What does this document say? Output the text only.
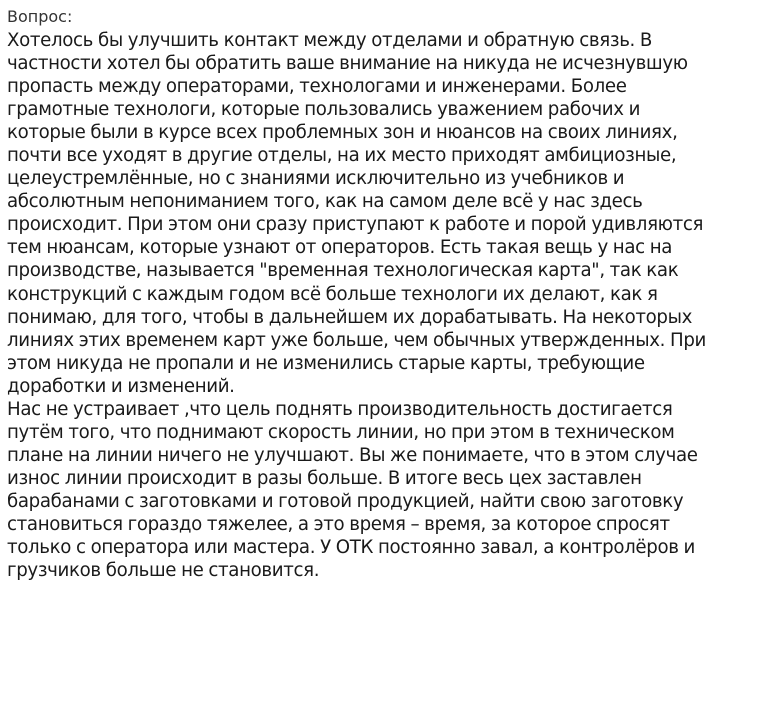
Вопрос:
Хотелось бы улучшить контакт между отделами и обратную связь. В
частности хотел бы обратить ваше внимание на никуда не исчезнувшую
пропасть между операторами, технологами и инженерами. Более
грамотные технологи, которые пользовались уважением рабочих и
которые были в курсе всех проблемных зон и нюансов на своих линиях,
почти все уходят в другие отделы, на их место приходят амбициозные,
целеустремлённые, но с знаниями исключительно из учебников и
абсолютным непониманием того, как на самом деле всё у нас здесь
происходит. При этом они сразу приступают к работе и порой удивляются
тем нюансам, которые узнают от операторов. Есть такая вещь у нас на
производстве, называется "временная технологическая карта", так как
конструкций с каждым годом всё больше технологи их делают, как я
понимаю, для того, чтобы в дальнейшем их дорабатывать. На некоторых
линиях этих временем карт уже больше, чем обычных утвержденных. При
этом никуда не пропали и не изменились старые карты, требующие
доработки и изменений.
Нас не устраивает ,что цель поднять производительность достигается
путём того, что поднимают скорость линии, но при этом в техническом
плане на линии ничего не улучшают. Вы же понимаете, что в этом случае
износ линии происходит в разы больше. В итоге весь цех заставлен
барабанами с заготовками и готовой продукцией, найти свою заготовку
становиться гораздо тяжелее, а это время – время, за которое спросят
только с оператора или мастера. У ОТК постоянно завал, а контролёров и
грузчиков больше не становится.
